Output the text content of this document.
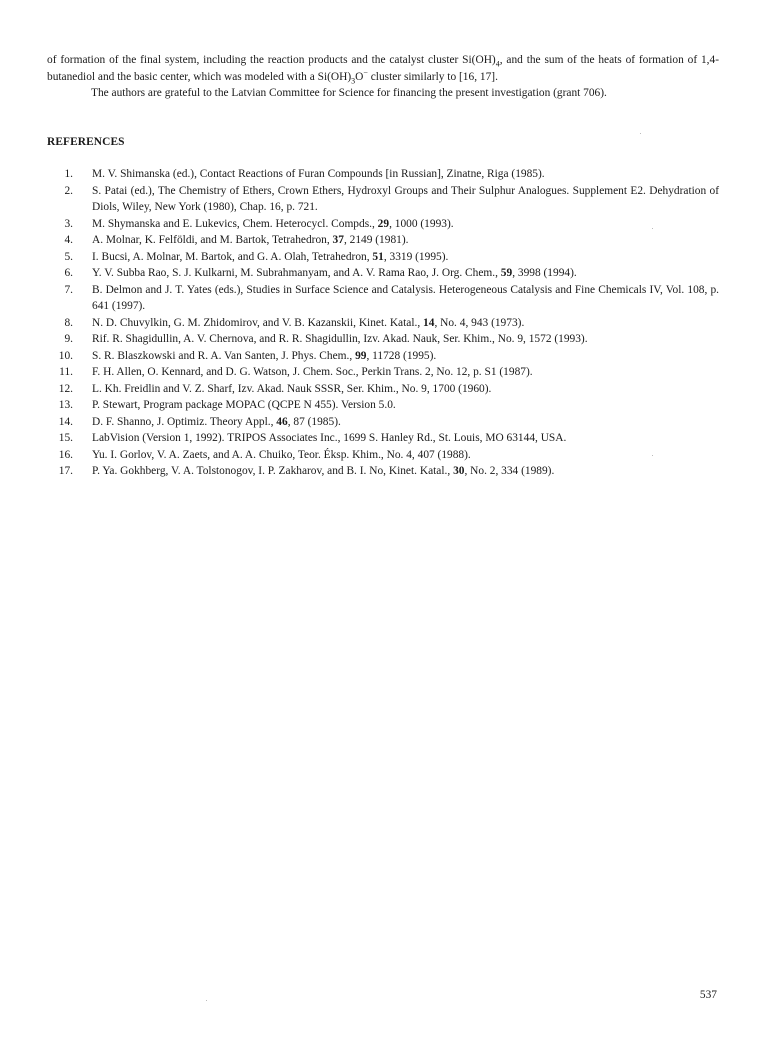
of formation of the final system, including the reaction products and the catalyst cluster $Si(OH)_4$, and the sum of the heats of formation of 1,4-butanediol and the basic center, which was modeled with a $Si(OH)_3O^-$ cluster similarly to [16, 17].

The authors are grateful to the Latvian Committee for Science for financing the present investigation (grant 706).

REFERENCES
1.	M. V. Shimanska (ed.), Contact Reactions of Furan Compounds [in Russian], Zinatne, Riga (1985).
2.	S. Patai (ed.), The Chemistry of Ethers, Crown Ethers, Hydroxyl Groups and Their Sulphur Analogues. Supplement E2. Dehydration of Diols, Wiley, New York (1980), Chap. 16, p. 721.
3.	M. Shymanska and E. Lukevics, Chem. Heterocycl. Compds., 29, 1000 (1993).
4.	A. Molnar, K. Felföldi, and M. Bartok, Tetrahedron, 37, 2149 (1981).
5.	I. Bucsi, A. Molnar, M. Bartok, and G. A. Olah, Tetrahedron, 51, 3319 (1995).
6.	Y. V. Subba Rao, S. J. Kulkarni, M. Subrahmanyam, and A. V. Rama Rao, J. Org. Chem., 59, 3998 (1994).
7.	B. Delmon and J. T. Yates (eds.), Studies in Surface Science and Catalysis. Heterogeneous Catalysis and Fine Chemicals IV, Vol. 108, p. 641 (1997).
8.	N. D. Chuvylkin, G. M. Zhidomirov, and V. B. Kazanskii, Kinet. Katal., 14, No. 4, 943 (1973).
9.	Rif. R. Shagidullin, A. V. Chernova, and R. R. Shagidullin, Izv. Akad. Nauk, Ser. Khim., No. 9, 1572 (1993).
10.	S. R. Blaszkowski and R. A. Van Santen, J. Phys. Chem., 99, 11728 (1995).
11.	F. H. Allen, O. Kennard, and D. G. Watson, J. Chem. Soc., Perkin Trans. 2, No. 12, p. S1 (1987).
12.	L. Kh. Freidlin and V. Z. Sharf, Izv. Akad. Nauk SSSR, Ser. Khim., No. 9, 1700 (1960).
13.	P. Stewart, Program package MOPAC (QCPE N 455). Version 5.0.
14.	D. F. Shanno, J. Optimiz. Theory Appl., 46, 87 (1985).
15.	LabVision (Version 1, 1992). TRIPOS Associates Inc., 1699 S. Hanley Rd., St. Louis, MO 63144, USA.
16.	Yu. I. Gorlov, V. A. Zaets, and A. A. Chuiko, Teor. Éksp. Khim., No. 4, 407 (1988).
17.	P. Ya. Gokhberg, V. A. Tolstonogov, I. P. Zakharov, and B. I. No, Kinet. Katal., 30, No. 2, 334 (1989).
537
